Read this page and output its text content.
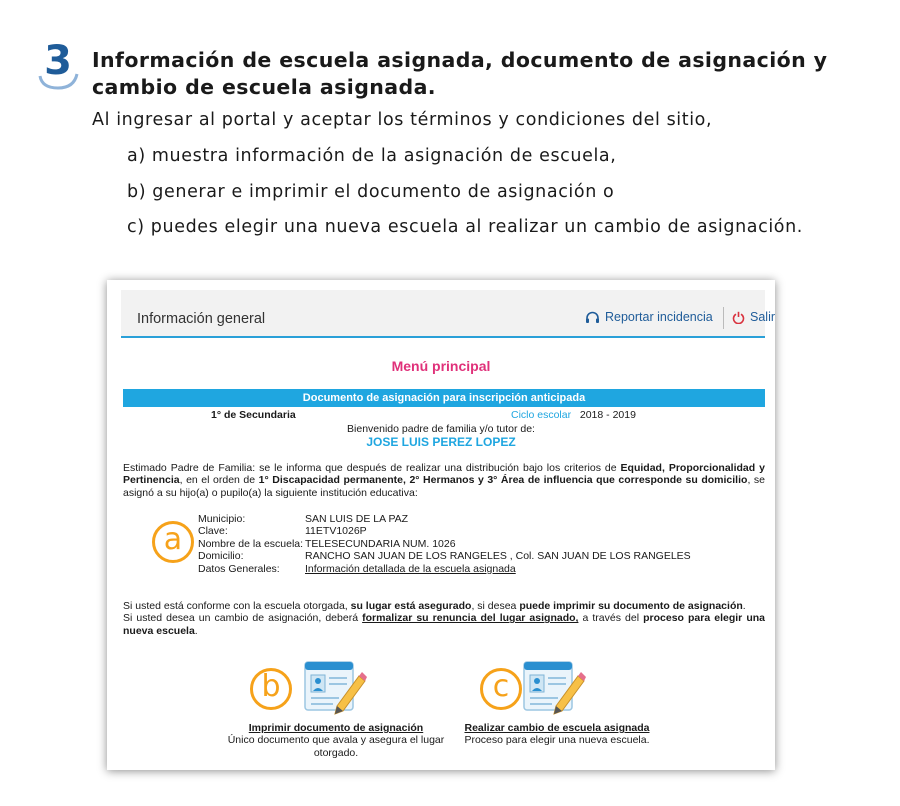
3 Información de escuela asignada, documento de asignación y cambio de escuela asignada.
Al ingresar al portal y aceptar los términos y condiciones del sitio,
a) muestra información de la asignación de escuela,
b) generar e imprimir el documento de asignación o
c) puedes elegir una nueva escuela al realizar un cambio de asignación.
Información general	Reportar incidencia	Salir
Menú principal
Documento de asignación para inscripción anticipada
1° de Secundaria	Ciclo escolar 2018 - 2019
Bienvenido padre de familia y/o tutor de:
JOSE LUIS PEREZ LOPEZ
Estimado Padre de Familia: se le informa que después de realizar una distribución bajo los criterios de Equidad, Proporcionalidad y Pertinencia, en el orden de 1° Discapacidad permanente, 2° Hermanos y 3° Área de influencia que corresponde su domicilio, se asignó a su hijo(a) o pupilo(a) la siguiente institución educativa:
a
Municipio:	SAN LUIS DE LA PAZ
Clave:	11ETV1026P
Nombre de la escuela:	TELESECUNDARIA NUM. 1026
Domicilio:	RANCHO SAN JUAN DE LOS RANGELES , Col. SAN JUAN DE LOS RANGELES
Datos Generales:	Información detallada de la escuela asignada
Si usted está conforme con la escuela otorgada, su lugar está asegurado, si desea puede imprimir su documento de asignación.
Si usted desea un cambio de asignación, deberá formalizar su renuncia del lugar asignado, a través del proceso para elegir una nueva escuela.
b
Imprimir documento de asignación
Único documento que avala y asegura el lugar otorgado.
c
Realizar cambio de escuela asignada
Proceso para elegir una nueva escuela.
